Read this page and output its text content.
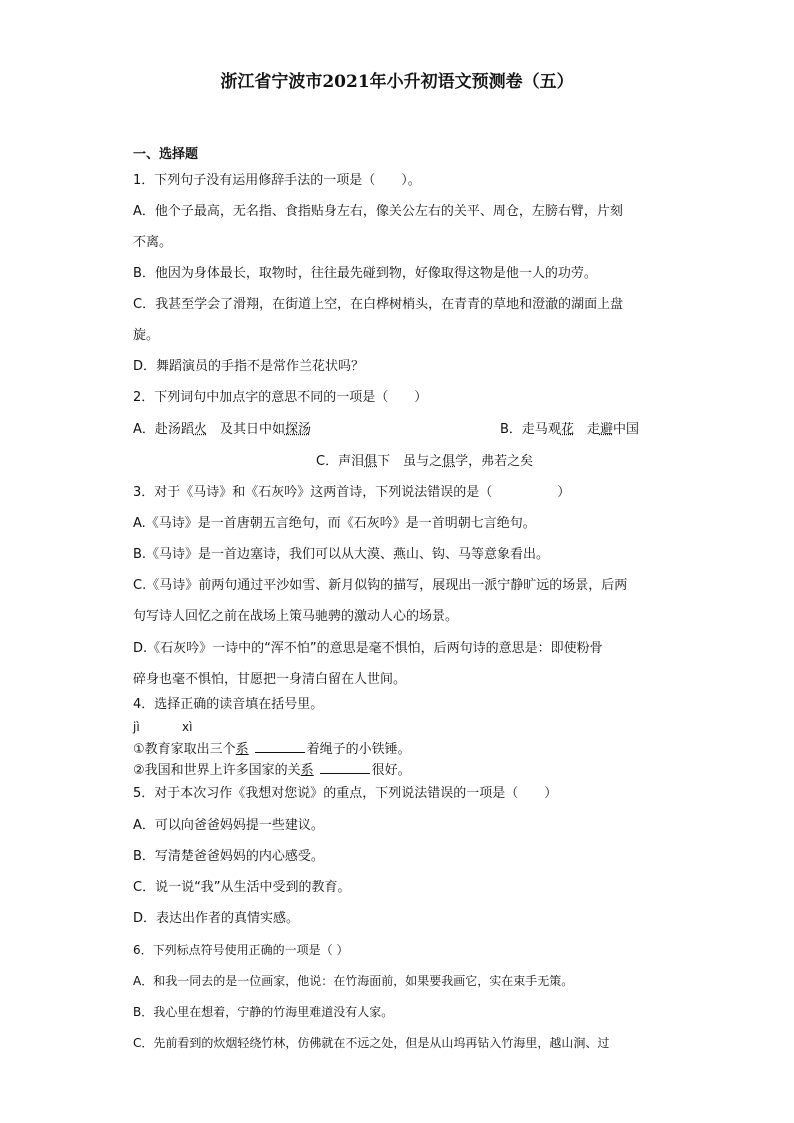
浙江省宁波市2021年小升初语文预测卷（五）
一、选择题
1．下列句子没有运用修辞手法的一项是（　　）。
A．他个子最高，无名指、食指贴身左右，像关公左右的关平、周仓，左膀右臂，片刻
不离。
B．他因为身体最长，取物时，往往最先碰到物，好像取得这物是他一人的功劳。
C．我甚至学会了滑翔，在街道上空，在白桦树梢头，在青青的草地和澄澈的湖面上盘
旋。
D．舞蹈演员的手指不是常作兰花状吗？
2．下列词句中加点字的意思不同的一项是（　　）
A．赴汤蹈火　 及其日中如探汤	B．走马观花　 走避中国
C．声泪俱下　 虽与之俱学，弗若之矣
3．对于《马诗》和《石灰吟》这两首诗，下列说法错误的是（　　　　　）
A.《马诗》是一首唐朝五言绝句，而《石灰吟》是一首明朝七言绝句。
B.《马诗》是一首边塞诗，我们可以从大漠、燕山、钩、马等意象看出。
C.《马诗》前两句通过平沙如雪、新月似钩的描写，展现出一派宁静旷远的场景，后两
句写诗人回忆之前在战场上策马驰骋的激动人心的场景。
D.《石灰吟》一诗中的“浑不怕”的意思是毫不惧怕，后两句诗的意思是：即使粉骨
碎身也毫不惧怕，甘愿把一身清白留在人世间。
4．选择正确的读音填在括号里。
jì	xì
①教育家取出三个系	着绳子的小铁锤。
②我国和世界上许多国家的关系	很好。
5．对于本次习作《我想对您说》的重点，下列说法错误的一项是（　　）
A．可以向爸爸妈妈提一些建议。
B．写清楚爸爸妈妈的内心感受。
C．说一说“我”从生活中受到的教育。
D．表达出作者的真情实感。
6．下列标点符号使用正确的一项是（ ）
A．和我一同去的是一位画家，他说：在竹海面前，如果要我画它，实在束手无策。
B．我心里在想着，宁静的竹海里难道没有人家。
C．先前看到的炊烟轻绕竹林，仿佛就在不远之处，但是从山坞再钻入竹海里，越山涧、过
